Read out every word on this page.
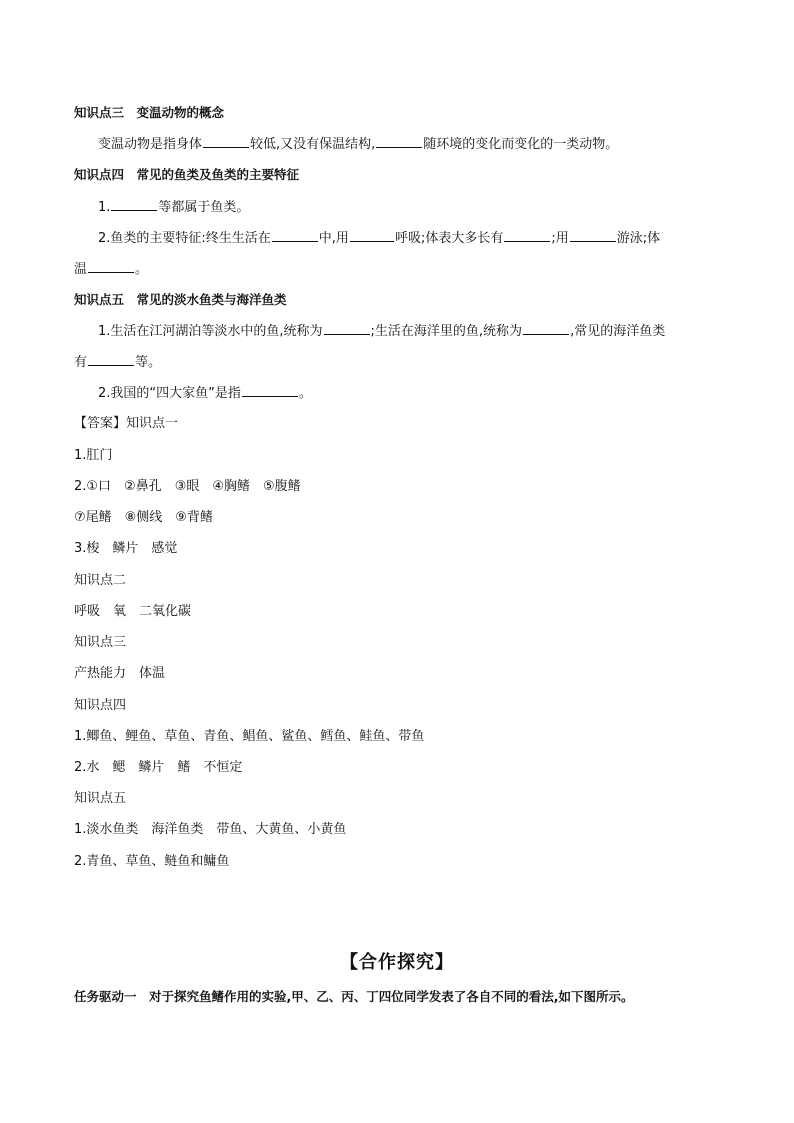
知识点三　变温动物的概念
变温动物是指身体	较低,又没有保温结构,	随环境的变化而变化的一类动物。
知识点四　常见的鱼类及鱼类的主要特征
1.	等都属于鱼类。
2.鱼类的主要特征:终生生活在	中,用	呼吸;体表大多长有	;用	游泳;体
温	。
知识点五　常见的淡水鱼类与海洋鱼类
1.生活在江河湖泊等淡水中的鱼,统称为	;生活在海洋里的鱼,统称为	,常见的海洋鱼类
有	等。
2.我国的“四大家鱼”是指	。
【答案】知识点一
1.肛门
2.①口　②鼻孔　③眼　④胸鳍　⑤腹鳍
⑦尾鳍　⑧侧线　⑨背鳍
3.梭　鳞片　感觉
知识点二
呼吸　氧　二氧化碳
知识点三
产热能力　体温
知识点四
1.鲫鱼、鲤鱼、草鱼、青鱼、鲳鱼、鲨鱼、鳕鱼、鲑鱼、带鱼
2.水　鳃　鳞片　鳍　不恒定
知识点五
1.淡水鱼类　海洋鱼类　带鱼、大黄鱼、小黄鱼
2.青鱼、草鱼、鲢鱼和鳙鱼
【合作探究】
任务驱动一　对于探究鱼鳍作用的实验,甲、乙、丙、丁四位同学发表了各自不同的看法,如下图所示。
